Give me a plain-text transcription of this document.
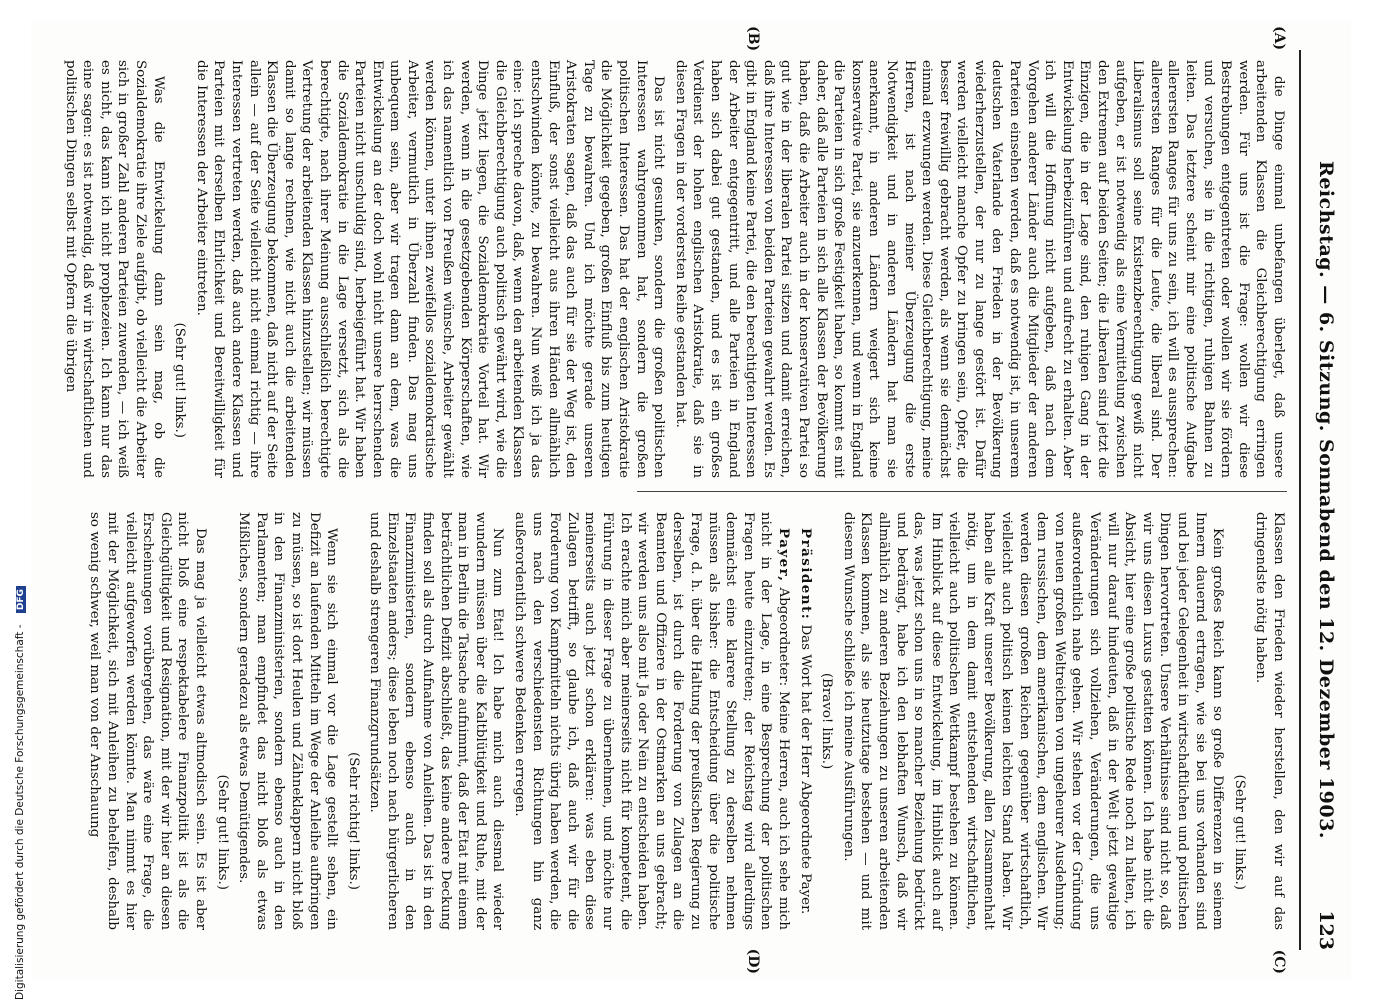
Reichstag. — 6. Sitzung. Sonnabend den 12. Dezember 1903.
123
(A)
(B)
(C)
(D)

die Dinge einmal unbefangen überlegt, daß unsere arbeitenden Klassen die Gleichberechtigung erringen werden. Für uns ist die Frage: wollen wir diese Bestrebungen entgegentreten oder wollen wir sie fördern und versuchen, sie in die richtigen, ruhigen Bahnen zu leiten. Das letztere scheint mir eine politische Aufgabe allerersten Ranges für uns zu sein, ich will es aussprechen: allerersten Ranges für die Leute, die liberal sind. Der Liberalismus soll seine Existenzberechtigung gewiß nicht aufgeben, er ist notwendig als eine Vermittelung zwischen den Extremen auf beiden Seiten; die Liberalen sind jetzt die Einzigen, die in der Lage sind, den ruhigen Gang in der Entwickelung herbeizuführen und aufrecht zu erhalten. Aber ich will die Hoffnung nicht aufgeben, daß nach dem Vorgehen anderer Länder auch die Mitglieder der anderen Parteien einsehen werden, daß es notwendig ist, in unserem deutschen Vaterlande den Frieden in der Bevölkerung wiederherzustellen, der nur zu lange gestört ist. Dafür werden vielleicht manche Opfer zu bringen sein, Opfer, die besser freiwillig gebracht werden, als wenn sie demnächst einmal erzwungen werden. Diese Gleichberechtigung, meine Herren, ist nach meiner Überzeugung die erste Notwendigkeit und in anderen Ländern hat man sie anerkannt, in anderen Ländern weigert sich keine konservative Partei, sie anzuerkennen, und wenn in England die Parteien in sich große Festigkeit haben, so kommt es mit daher, daß alle Parteien in sich alle Klassen der Bevölkerung haben, daß die Arbeiter auch in der konservativen Partei so gut wie in der liberalen Partei sitzen und damit erreichen, daß ihre Interessen von beiden Parteien gewahrt werden. Es gibt in England keine Partei, die den berechtigten Interessen der Arbeiter entgegentritt, und alle Parteien in England haben sich dabei gut gestanden, und es ist ein großes Verdienst der hohen englischen Aristokratie, daß sie in diesen Fragen in der vordersten Reihe gestanden hat.

Das ist nicht gesunken, sondern die großen politischen Interessen wahrgenommen hat, sondern die großen politischen Interessen. Das hat der englischen Aristokratie die Möglichkeit gegeben, großen Einfluß bis zum heutigen Tage zu bewahren. Und ich möchte gerade unseren Aristokraten sagen, daß das auch für sie der Weg ist, den Einfluß, der sonst vielleicht aus ihren Händen allmählich entschwinden könnte, zu bewahren. Nun weiß ich ja das eine: ich spreche davon, daß, wenn den arbeitenden Klassen die Gleichberechtigung auch politisch gewährt wird, wie die Dinge jetzt liegen, die Sozialdemokratie Vorteil hat. Wir werden, wenn in die gesetzgebenden Körperschaften, wie ich das namentlich von Preußen wünsche, Arbeiter gewählt werden können, unter ihnen zweifellos sozialdemokratische Arbeiter, vermutlich in Überzahl finden. Das mag uns unbequem sein, aber wir tragen dann an dem, was die Entwickelung an der doch wohl nicht unsere herrschenden Parteien nicht unschuldig sind, herbeigeführt hat. Wir haben die Sozialdemokratie in die Lage versetzt, sich als die berechtigte, nach ihrer Meinung ausschließlich berechtigte Vertretung der arbeitenden Klassen hinzustellen; wir müssen damit so lange rechnen, wie nicht auch die arbeitenden Klassen die Überzeugung bekommen, daß nicht auf der Seite allein — auf der Seite vielleicht nicht einmal richtig — ihre Interessen vertreten werden, daß auch andere Klassen und Parteien mit derselben Ehrlichkeit und Bereitwilligkeit für die Interessen der Arbeiter eintreten.

(Sehr gut! links.)

Was die Entwickelung dann sein mag, ob die Sozialdemokratie ihre Ziele aufgibt, ob vielleicht die Arbeiter sich in großer Zahl anderen Parteien zuwenden, — ich weiß es nicht, das kann ich nicht prophezeien. Ich kann nur das eine sagen: es ist notwendig, daß wir in wirtschaftlichen und politischen Dingen selbst mit Opfern die übrigen

Klassen den Frieden wieder herstellen, den wir auf das dringendste nötig haben.

(Sehr gut! links.)

Kein großes Reich kann so große Differenzen in seinem Innern dauernd ertragen, wie sie bei uns vorhanden sind und bei jeder Gelegenheit in wirtschaftlichen und politischen Dingen hervortreten. Unsere Verhältnisse sind nicht so, daß wir uns diesen Luxus gestatten können. Ich habe nicht die Absicht, hier eine große politische Rede noch zu halten, ich will nur darauf hindeuten, daß in der Welt jetzt gewaltige Veränderungen sich vollziehen, Veränderungen, die uns außerordentlich nahe gehen. Wir stehen vor der Gründung von neuen großen Weltreichen von ungeheurer Ausdehnung; dem russischen, dem amerikanischen, dem englischen. Wir werden diesen großen Reichen gegenüber wirtschaftlich, vielleicht auch politisch keinen leichten Stand haben. Wir haben alle Kraft unserer Bevölkerung, allen Zusammenhalt nötig, um in dem damit entstehenden wirtschaftlichen, vielleicht auch politischen Wettkampf bestehen zu können. Im Hinblick auf diese Entwickelung, im Hinblick auch auf das, was jetzt schon uns in so mancher Beziehung bedrückt und bedrängt, habe ich den lebhaften Wunsch, daß wir allmählich zu anderen Beziehungen zu unseren arbeitenden Klassen kommen, als sie heutzutage bestehen — und mit diesem Wunsche schließe ich meine Ausführungen.

(Bravo! links.)

Präsident: Das Wort hat der Herr Abgeordnete Payer.

Payer, Abgeordneter: Meine Herren, auch ich sehe mich nicht in der Lage, in eine Besprechung der politischen Fragen heute einzutreten; der Reichstag wird allerdings demnächst eine klarere Stellung zu derselben nehmen müssen als bisher: die Entscheidung über die politische Frage, d. h. über die Haltung der preußischen Regierung zu derselben, ist durch die Forderung von Zulagen an die Beamten und Offiziere in der Ostmarken an uns gebracht; wir werden uns also mit Ja oder Nein zu entscheiden haben. Ich erachte mich aber meinerseits nicht für kompetent, die Führung in dieser Frage zu übernehmen, und möchte nur meinerseits auch jetzt schon erklären: was eben diese Zulagen betrifft, so glaube ich, daß auch wir für die Forderung von Kampfmitteln nichts übrig haben werden, die uns nach den verschiedensten Richtungen hin ganz außerordentlich schwere Bedenken erregen.

Nun zum Etat! Ich habe mich auch diesmal wieder wundern müssen über die Kaltblütigkeit und Ruhe, mit der man in Berlin die Tatsache aufnimmt, daß der Etat mit einem beträchtlichen Defizit abschließt, das keine andere Deckung finden soll als durch Aufnahme von Anleihen. Das ist in den Finanzministerien, sondern ebenso auch in den Einzelstaaten anders; diese leben noch nach bürgerlicheren und deshalb strengeren Finanzgrundsätzen.

(Sehr richtig! links.)

Wenn sie sich einmal vor die Lage gestellt sehen, ein Defizit an laufenden Mitteln im Wege der Anleihe aufbringen zu müssen, so ist dort Heulen und Zähneklappern nicht bloß in den Finanzministerien, sondern ebenso auch in den Parlamenten; man empfindet das nicht bloß als etwas Mißliches, sondern geradezu als etwas Demütigendes.

(Sehr gut! links.)

Das mag ja vielleicht etwas altmodisch sein. Es ist aber nicht bloß eine respektabelere Finanzpolitik ist als die Gleichgültigkeit und Resignation, mit der wir hier an diesen Erscheinungen vorübergehen, das wäre eine Frage, die vielleicht aufgeworfen werden könnte. Man nimmt es hier mit der Möglichkeit, sich mit Anleihen zu behelfen, deshalb so wenig schwer, weil man von der Anschauung

Digitalisierung gefördert durch die Deutsche Forschungsgemeinschaft - DFG
